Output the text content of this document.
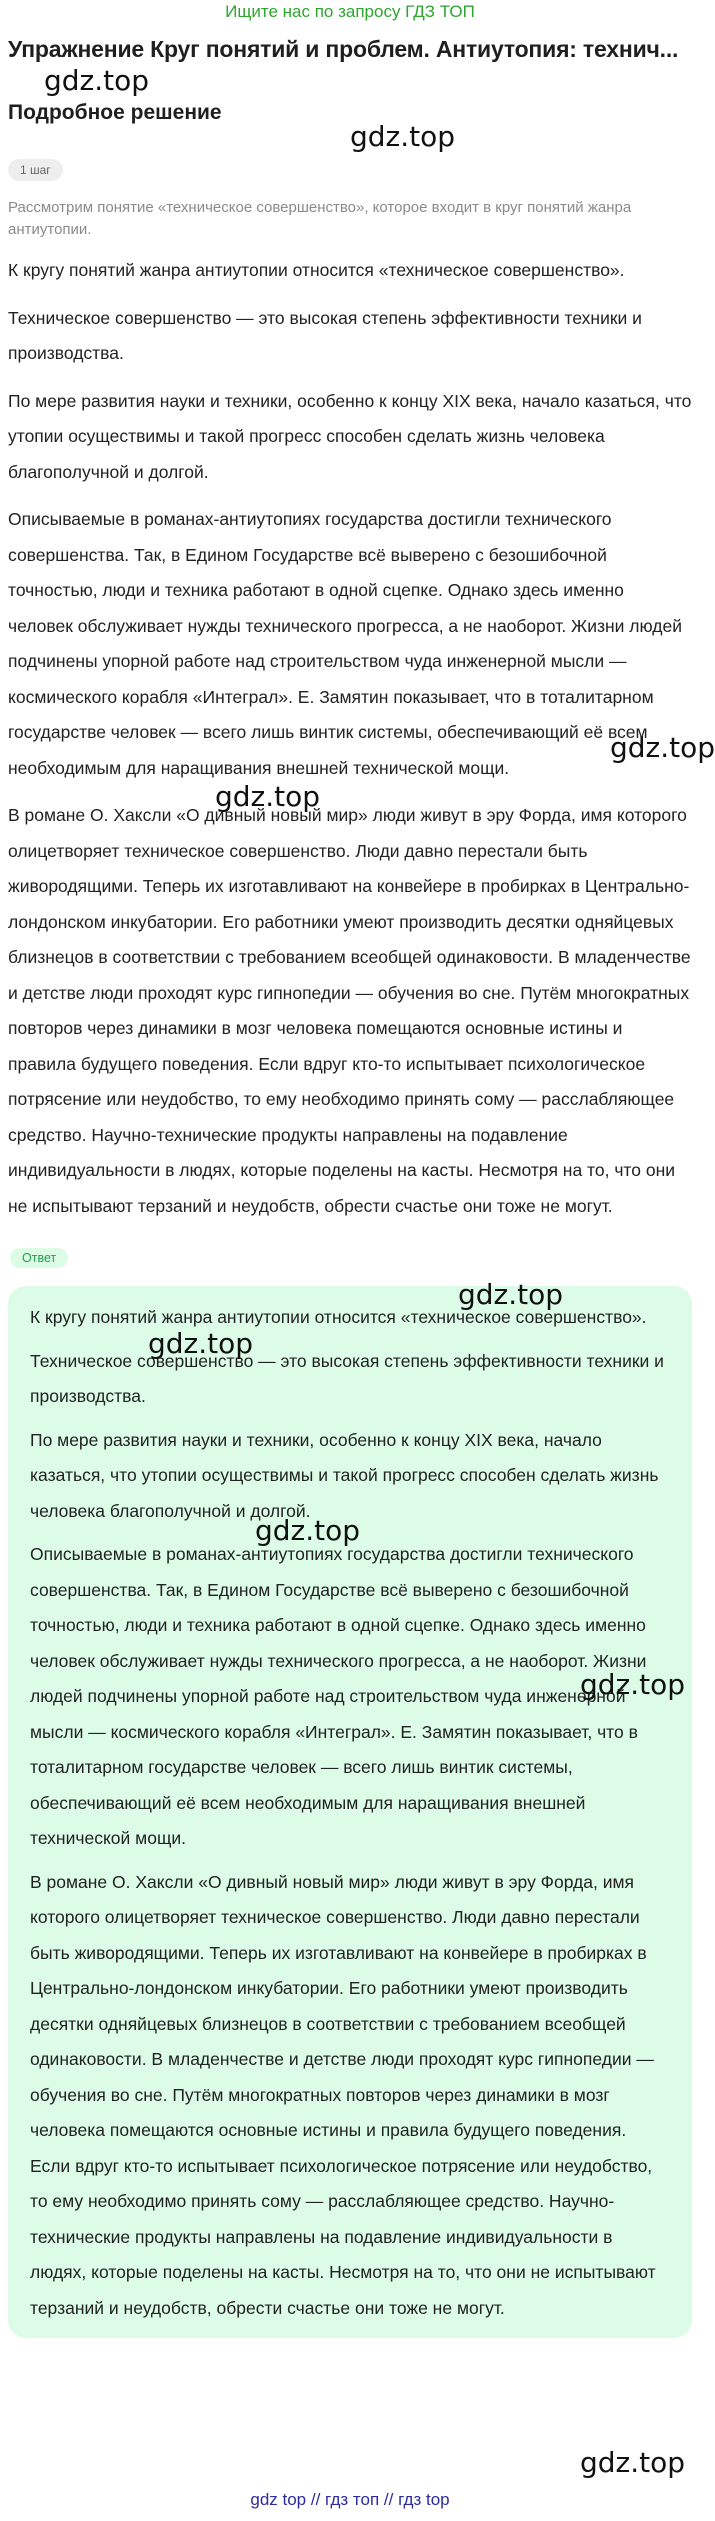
Ищите нас по запросу ГДЗ ТОП
Упражнение Круг понятий и проблем. Антиутопия: технич...
Подробное решение
1 шаг
Рассмотрим понятие «техническое совершенство», которое входит в круг понятий жанра антиутопии.

К кругу понятий жанра антиутопии относится «техническое совершенство».

Техническое совершенство — это высокая степень эффективности техники и производства.

По мере развития науки и техники, особенно к концу XIX века, начало казаться, что утопии осуществимы и такой прогресс способен сделать жизнь человека благополучной и долгой.

Описываемые в романах-антиутопиях государства достигли технического совершенства. Так, в Едином Государстве всё выверено с безошибочной точностью, люди и техника работают в одной сцепке. Однако здесь именно человек обслуживает нужды технического прогресса, а не наоборот. Жизни людей подчинены упорной работе над строительством чуда инженерной мысли — космического корабля «Интеграл». Е. Замятин показывает, что в тоталитарном государстве человек — всего лишь винтик системы, обеспечивающий её всем необходимым для наращивания внешней технической мощи.

В романе О. Хаксли «О дивный новый мир» люди живут в эру Форда, имя которого олицетворяет техническое совершенство. Люди давно перестали быть живородящими. Теперь их изготавливают на конвейере в пробирках в Центрально-лондонском инкубатории. Его работники умеют производить десятки одняйцевых близнецов в соответствии с требованием всеобщей одинаковости. В младенчестве и детстве люди проходят курс гипнопедии — обучения во сне. Путём многократных повторов через динамики в мозг человека помещаются основные истины и правила будущего поведения. Если вдруг кто-то испытывает психологическое потрясение или неудобство, то ему необходимо принять сому — расслабляющее средство. Научно-технические продукты направлены на подавление индивидуальности в людях, которые поделены на касты. Несмотря на то, что они не испытывают терзаний и неудобств, обрести счастье они тоже не могут.

Ответ

К кругу понятий жанра антиутопии относится «техническое совершенство».

Техническое совершенство — это высокая степень эффективности техники и производства.

По мере развития науки и техники, особенно к концу XIX века, начало казаться, что утопии осуществимы и такой прогресс способен сделать жизнь человека благополучной и долгой.

Описываемые в романах-антиутопиях государства достигли технического совершенства. Так, в Едином Государстве всё выверено с безошибочной точностью, люди и техника работают в одной сцепке. Однако здесь именно человек обслуживает нужды технического прогресса, а не наоборот. Жизни людей подчинены упорной работе над строительством чуда инженерной мысли — космического корабля «Интеграл». Е. Замятин показывает, что в тоталитарном государстве человек — всего лишь винтик системы, обеспечивающий её всем необходимым для наращивания внешней технической мощи.

В романе О. Хаксли «О дивный новый мир» люди живут в эру Форда, имя которого олицетворяет техническое совершенство. Люди давно перестали быть живородящими. Теперь их изготавливают на конвейере в пробирках в Центрально-лондонском инкубатории. Его работники умеют производить десятки одняйцевых близнецов в соответствии с требованием всеобщей одинаковости. В младенчестве и детстве люди проходят курс гипнопедии — обучения во сне. Путём многократных повторов через динамики в мозг человека помещаются основные истины и правила будущего поведения. Если вдруг кто-то испытывает психологическое потрясение или неудобство, то ему необходимо принять сому — расслабляющее средство. Научно-технические продукты направлены на подавление индивидуальности в людях, которые поделены на касты. Несмотря на то, что они не испытывают терзаний и неудобств, обрести счастье они тоже не могут.

gdz.top
gdz.top
gdz.top
gdz.top
gdz.top
gdz.top
gdz.top
gdz.top
gdz.top
gdz top // гдз топ // гдз top
